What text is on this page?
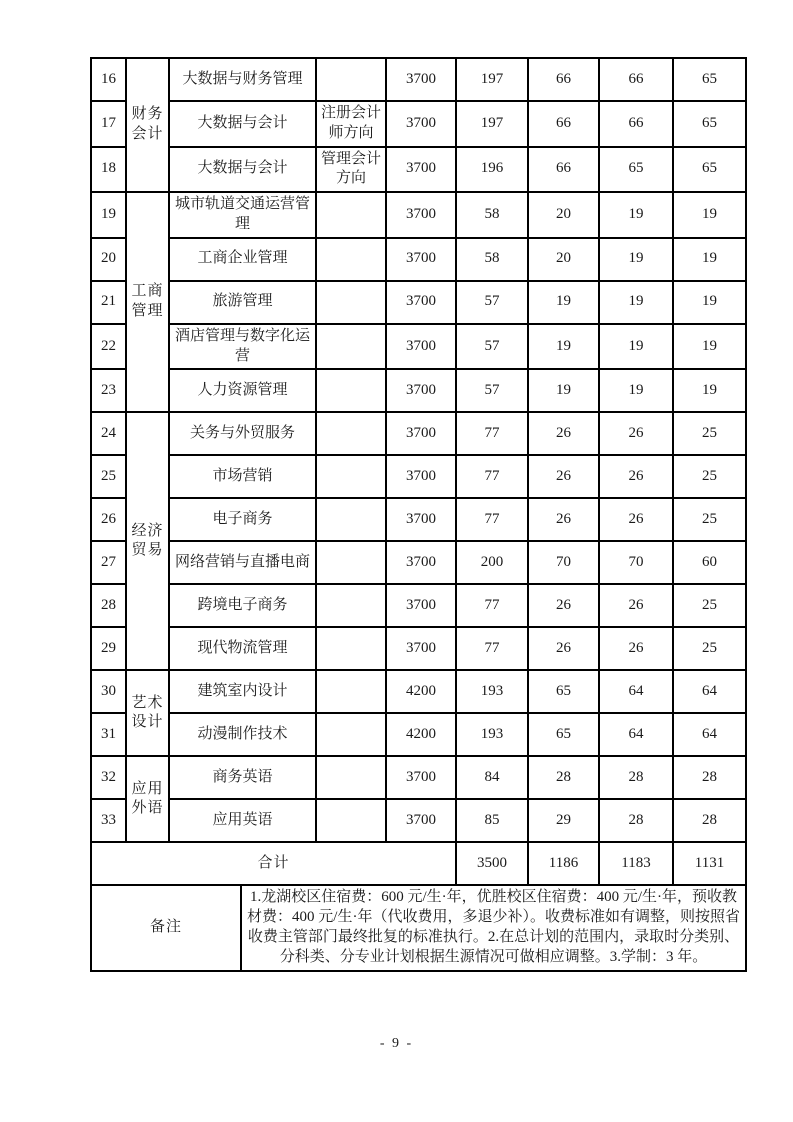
16	财务会计	大数据与财务管理			3700	197	66	66	65
17		大数据与会计		注册会计师方向	3700	197	66	66	65
18		大数据与会计		管理会计方向	3700	196	66	65	65
19	工商管理	城市轨道交通运营管理			3700	58	20	19	19
20		工商企业管理			3700	58	20	19	19
21		旅游管理			3700	57	19	19	19
22		酒店管理与数字化运营			3700	57	19	19	19
23		人力资源管理			3700	57	19	19	19
24	经济贸易	关务与外贸服务			3700	77	26	26	25
25		市场营销			3700	77	26	26	25
26		电子商务			3700	77	26	26	25
27		网络营销与直播电商			3700	200	70	70	60
28		跨境电子商务			3700	77	26	26	25
29		现代物流管理			3700	77	26	26	25
30	艺术设计	建筑室内设计			4200	193	65	64	64
31		动漫制作技术			4200	193	65	64	64
32	应用外语	商务英语			3700	84	28	28	28
33		应用英语			3700	85	29	28	28
合计						3500	1186	1183	1131
备注			1.龙湖校区住宿费：600 元/生·年，优胜校区住宿费：400 元/生·年，预收教材费：400 元/生·年（代收费用，多退少补）。收费标准如有调整，则按照省收费主管部门最终批复的标准执行。2.在总计划的范围内，录取时分类别、分科类、分专业计划根据生源情况可做相应调整。3.学制：3 年。						
- 9 -
